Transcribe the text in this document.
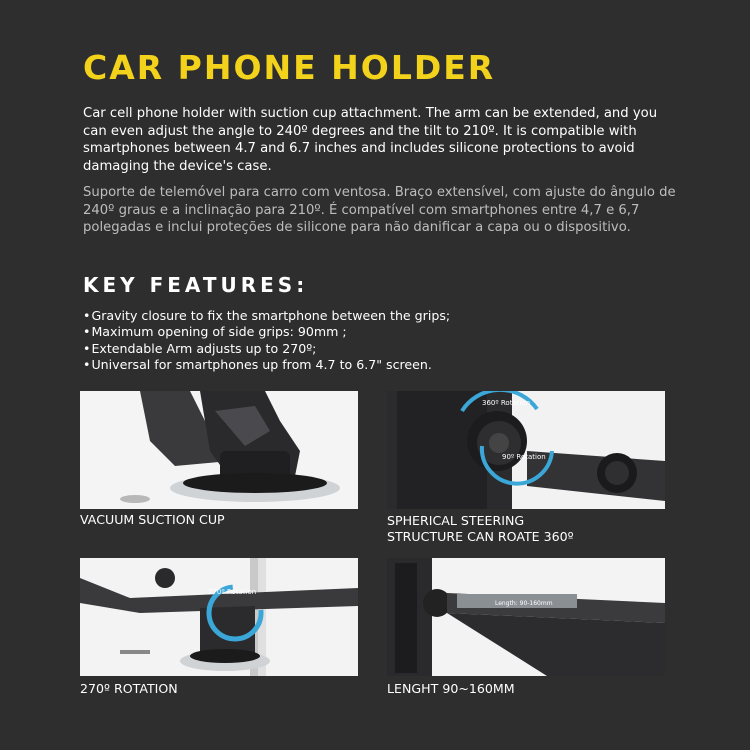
CAR PHONE HOLDER

Car cell phone holder with suction cup attachment. The arm can be extended, and you can even adjust the angle to 240º degrees and the tilt to 210º. It is compatible with smartphones between 4.7 and 6.7 inches and includes silicone protections to avoid damaging the device's case.

Suporte de telemóvel para carro com ventosa. Braço extensível, com ajuste do ângulo de 240º graus e a inclinação para 210º. É compatível com smartphones entre 4,7 e 6,7 polegadas e inclui proteções de silicone para não danificar a capa ou o dispositivo.

KEY FEATURES:
• Gravity closure to fix the smartphone between the grips;
• Maximum opening of side grips: 90mm ;
• Extendable Arm adjusts up to 270º;
• Universal for smartphones up from 4.7 to 6.7" screen.
VACUUM SUCTION CUP
360º Rotation
90º Rotation
SPHERICAL STEERING
STRUCTURE CAN ROATE 360º
270º Rotation
270º ROTATION
Length: 90-160mm
LENGHT 90~160MM
